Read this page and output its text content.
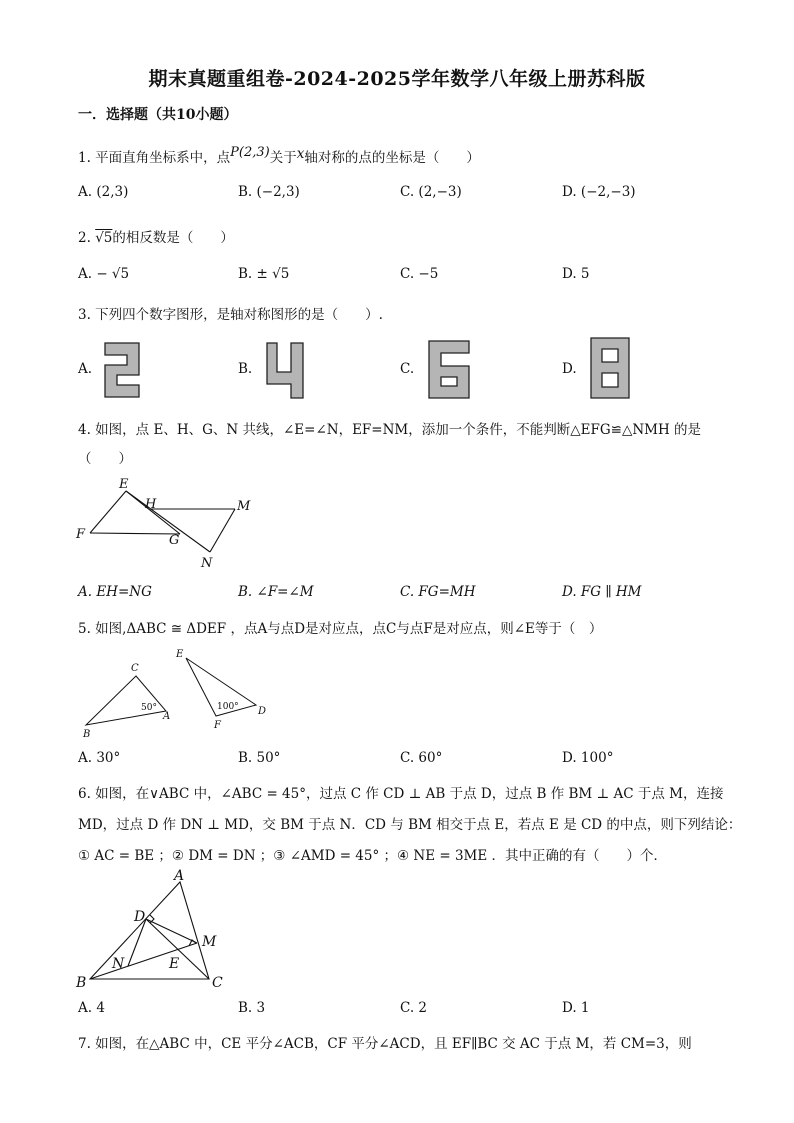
期末真题重组卷-2024-2025学年数学八年级上册苏科版
一．选择题（共10小题）
1. 平面直角坐标系中，点P(2,3)关于x轴对称的点的坐标是（　　）
A. (2,3)	B. (−2,3)	C. (2,−3)	D. (−2,−3)
2. √5的相反数是（　　）
A. − √5	B. ± √5	C. −5	D. 5
3. 下列四个数字图形，是轴对称图形的是（　　）.
A.	B.	C.	D.
4. 如图，点 E、H、G、N 共线，∠E=∠N，EF=NM，添加一个条件，不能判断△EFG≌△NMH 的是
（　　）
E
H	M
F	G
N
A. EH=NG	B. ∠F=∠M	C. FG=MH	D. FG ∥ HM
5. 如图,ΔABC ≅ ΔDEF ，点A与点D是对应点，点C与点F是对应点，则∠E等于（　）
C
B
A
E
F
D
50°	100°
A. 30°	B. 50°	C. 60°	D. 100°
6. 如图，在∨ABC 中，∠ABC = 45°，过点 C 作 CD ⊥ AB 于点 D，过点 B 作 BM ⊥ AC 于点 M，连接
MD，过点 D 作 DN ⊥ MD，交 BM 于点 N．CD 与 BM 相交于点 E，若点 E 是 CD 的中点，则下列结论：
① AC = BE ；② DM = DN ；③ ∠AMD = 45° ；④ NE = 3ME ．其中正确的有（　　）个．
A
D
M
N	E
B	C
A. 4	B. 3	C. 2	D. 1
7. 如图，在△ABC 中，CE 平分∠ACB，CF 平分∠ACD，且 EF∥BC 交 AC 于点 M，若 CM=3，则
